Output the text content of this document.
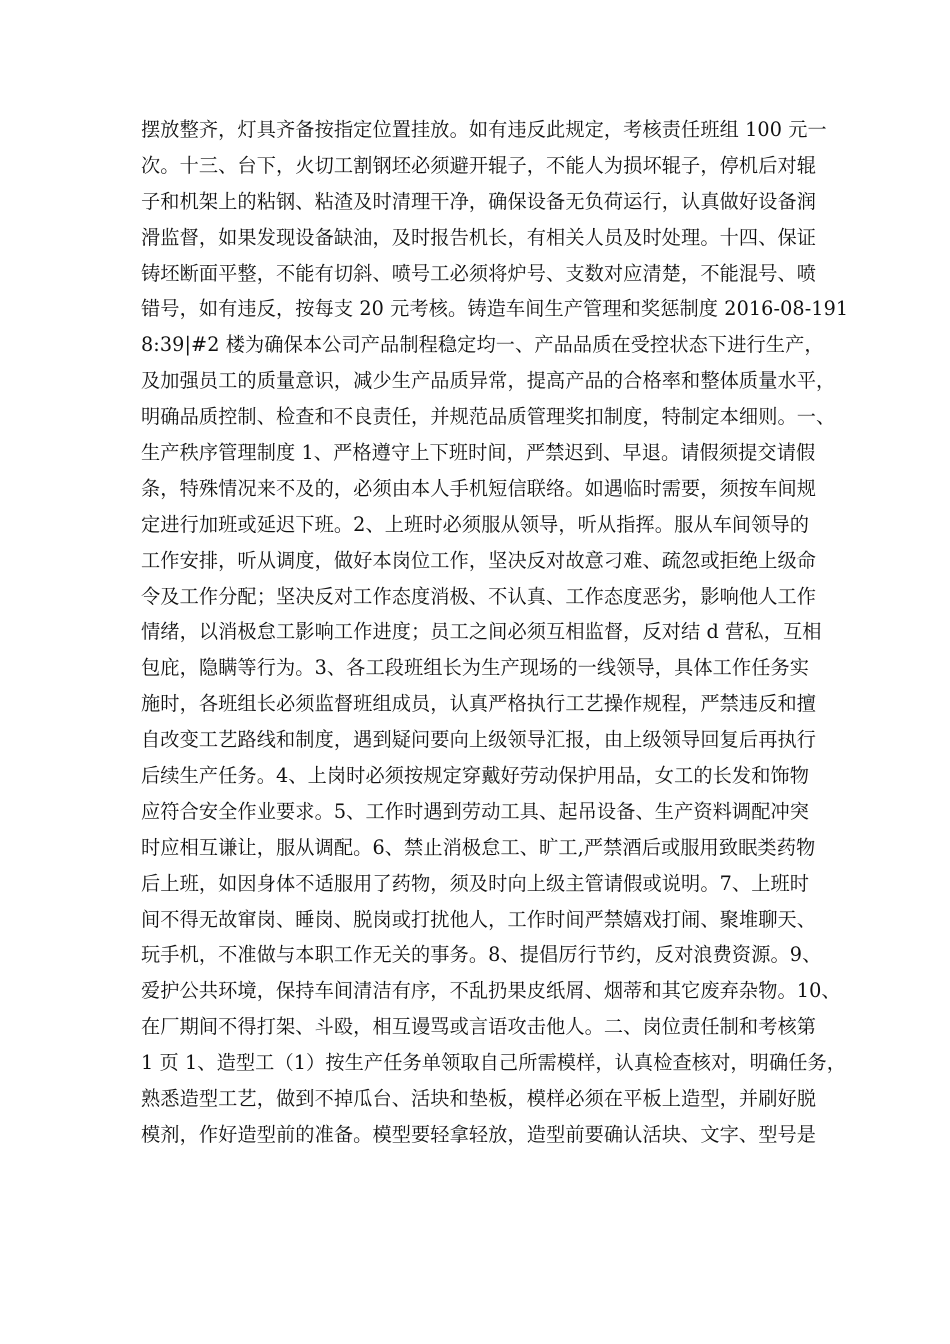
摆放整齐，灯具齐备按指定位置挂放。如有违反此规定，考核责任班组 100 元一
次。十三、台下，火切工割钢坯必须避开辊子，不能人为损坏辊子，停机后对辊
子和机架上的粘钢、粘渣及时清理干净，确保设备无负荷运行，认真做好设备润
滑监督，如果发现设备缺油，及时报告机长，有相关人员及时处理。十四、保证
铸坯断面平整，不能有切斜、喷号工必须将炉号、支数对应清楚，不能混号、喷
错号，如有违反，按每支 20 元考核。铸造车间生产管理和奖惩制度 2016-08-191
8:39|#2 楼为确保本公司产品制程稳定均一、产品品质在受控状态下进行生产，
及加强员工的质量意识，减少生产品质异常，提高产品的合格率和整体质量水平，
明确品质控制、检查和不良责任，并规范品质管理奖扣制度，特制定本细则。一、
生产秩序管理制度 1、严格遵守上下班时间，严禁迟到、早退。请假须提交请假
条，特殊情况来不及的，必须由本人手机短信联络。如遇临时需要，须按车间规
定进行加班或延迟下班。2、上班时必须服从领导，听从指挥。服从车间领导的
工作安排，听从调度，做好本岗位工作，坚决反对故意刁难、疏忽或拒绝上级命
令及工作分配；坚决反对工作态度消极、不认真、工作态度恶劣，影响他人工作
情绪，以消极怠工影响工作进度；员工之间必须互相监督，反对结 d 营私，互相
包庇，隐瞒等行为。3、各工段班组长为生产现场的一线领导，具体工作任务实
施时，各班组长必须监督班组成员，认真严格执行工艺操作规程，严禁违反和擅
自改变工艺路线和制度，遇到疑问要向上级领导汇报，由上级领导回复后再执行
后续生产任务。4、上岗时必须按规定穿戴好劳动保护用品，女工的长发和饰物
应符合安全作业要求。5、工作时遇到劳动工具、起吊设备、生产资料调配冲突
时应相互谦让，服从调配。6、禁止消极怠工、旷工,严禁酒后或服用致眠类药物
后上班，如因身体不适服用了药物，须及时向上级主管请假或说明。7、上班时
间不得无故窜岗、睡岗、脱岗或打扰他人，工作时间严禁嬉戏打闹、聚堆聊天、
玩手机，不准做与本职工作无关的事务。8、提倡厉行节约，反对浪费资源。9、
爱护公共环境，保持车间清洁有序，不乱扔果皮纸屑、烟蒂和其它废弃杂物。10、
在厂期间不得打架、斗殴，相互谩骂或言语攻击他人。二、岗位责任制和考核第
1 页 1、造型工（1）按生产任务单领取自己所需模样，认真检查核对，明确任务，
熟悉造型工艺，做到不掉瓜台、活块和垫板，模样必须在平板上造型，并刷好脱
模剂，作好造型前的准备。模型要轻拿轻放，造型前要确认活块、文字、型号是
